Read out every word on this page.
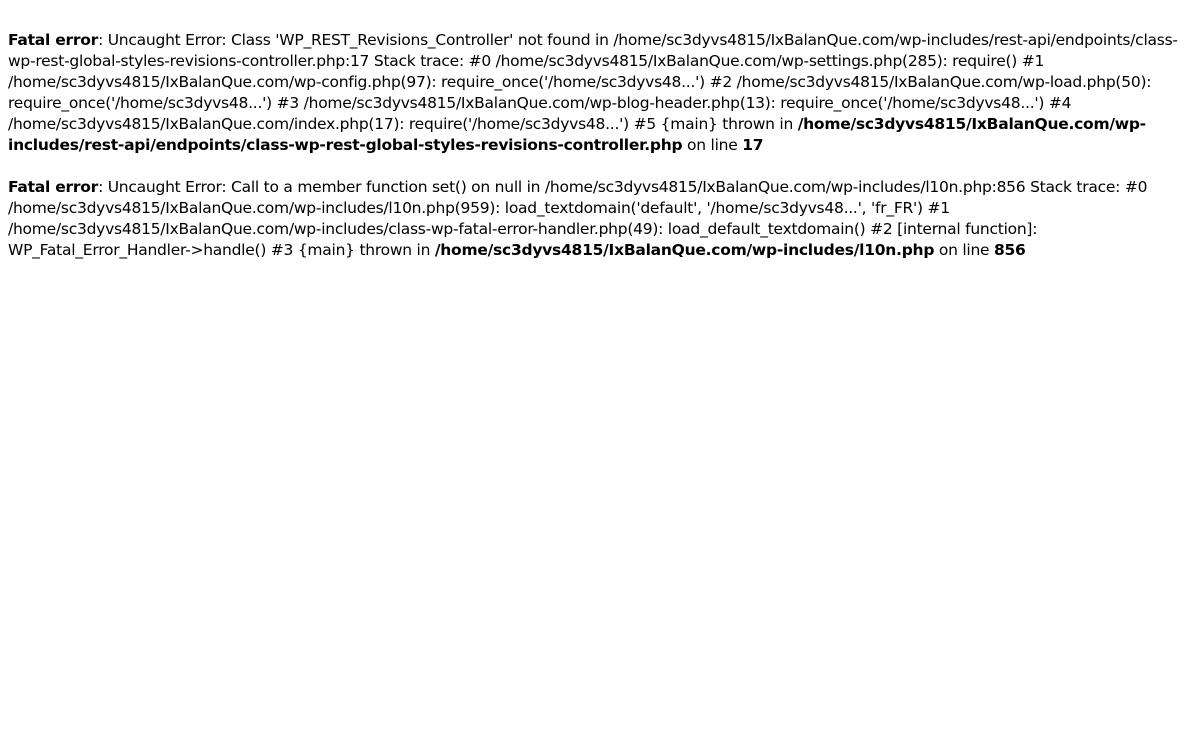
Fatal error: Uncaught Error: Class 'WP_REST_Revisions_Controller' not found in /home/sc3dyvs4815/IxBalanQue.com/wp-includes/rest-api/endpoints/class-wp-rest-global-styles-revisions-controller.php:17 Stack trace: #0 /home/sc3dyvs4815/IxBalanQue.com/wp-settings.php(285): require() #1 /home/sc3dyvs4815/IxBalanQue.com/wp-config.php(97): require_once('/home/sc3dyvs48...') #2 /home/sc3dyvs4815/IxBalanQue.com/wp-load.php(50): require_once('/home/sc3dyvs48...') #3 /home/sc3dyvs4815/IxBalanQue.com/wp-blog-header.php(13): require_once('/home/sc3dyvs48...') #4 /home/sc3dyvs4815/IxBalanQue.com/index.php(17): require('/home/sc3dyvs48...') #5 {main} thrown in /home/sc3dyvs4815/IxBalanQue.com/wp-includes/rest-api/endpoints/class-wp-rest-global-styles-revisions-controller.php on line 17
Fatal error: Uncaught Error: Call to a member function set() on null in /home/sc3dyvs4815/IxBalanQue.com/wp-includes/l10n.php:856 Stack trace: #0 /home/sc3dyvs4815/IxBalanQue.com/wp-includes/l10n.php(959): load_textdomain('default', '/home/sc3dyvs48...', 'fr_FR') #1 /home/sc3dyvs4815/IxBalanQue.com/wp-includes/class-wp-fatal-error-handler.php(49): load_default_textdomain() #2 [internal function]: WP_Fatal_Error_Handler->handle() #3 {main} thrown in /home/sc3dyvs4815/IxBalanQue.com/wp-includes/l10n.php on line 856
